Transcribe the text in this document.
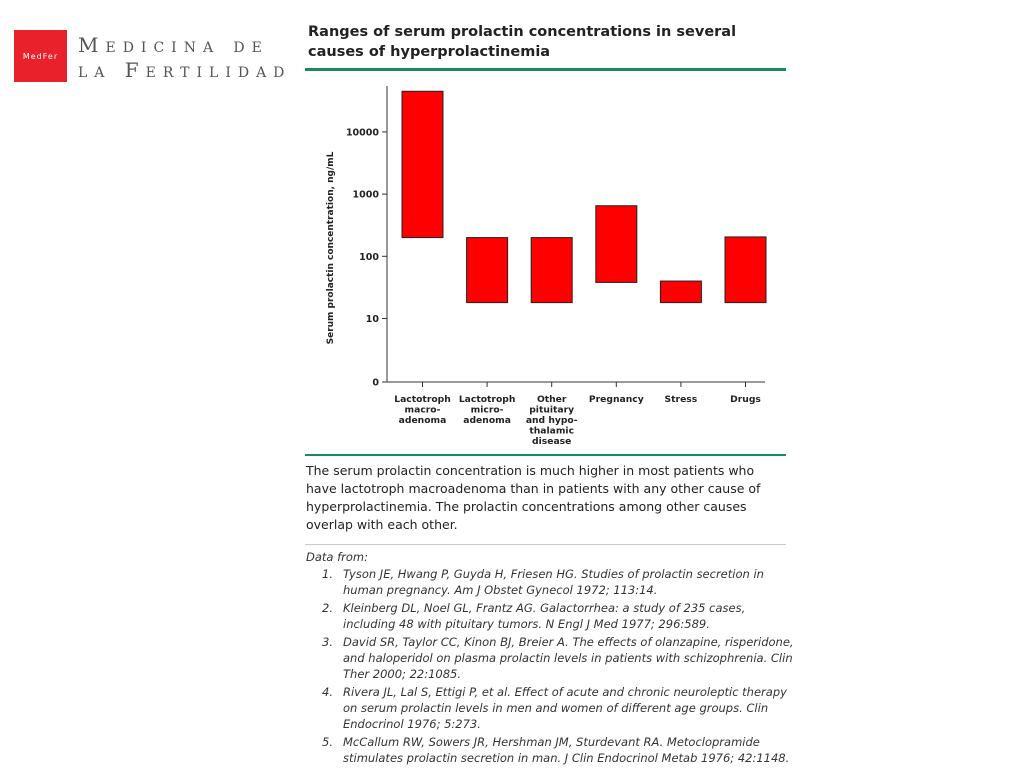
MedFer Medicina de
la Fertilidad
Ranges of serum prolactin concentrations in several causes of hyperprolactinemia
0
10
100
1000
10000
Lactotroph
macro-
adenoma
Lactotroph
micro-
adenoma
Other
pituitary
and hypo-
thalamic
disease
Pregnancy Stress	Drugs
Serum prolactin concentration, ng/mL
The serum prolactin concentration is much higher in most patients who have lactotroph macroadenoma than in patients with any other cause of hyperprolactinemia. The prolactin concentrations among other causes overlap with each other.
Data from:
1. Tyson JE, Hwang P, Guyda H, Friesen HG. Studies of prolactin secretion in human pregnancy. Am J Obstet Gynecol 1972; 113:14.
2. Kleinberg DL, Noel GL, Frantz AG. Galactorrhea: a study of 235 cases, including 48 with pituitary tumors. N Engl J Med 1977; 296:589.
3. David SR, Taylor CC, Kinon BJ, Breier A. The effects of olanzapine, risperidone, and haloperidol on plasma prolactin levels in patients with schizophrenia. Clin Ther 2000; 22:1085.
4. Rivera JL, Lal S, Ettigi P, et al. Effect of acute and chronic neuroleptic therapy on serum prolactin levels in men and women of different age groups. Clin Endocrinol 1976; 5:273.
5. McCallum RW, Sowers JR, Hershman JM, Sturdevant RA. Metoclopramide stimulates prolactin secretion in man. J Clin Endocrinol Metab 1976; 42:1148.
